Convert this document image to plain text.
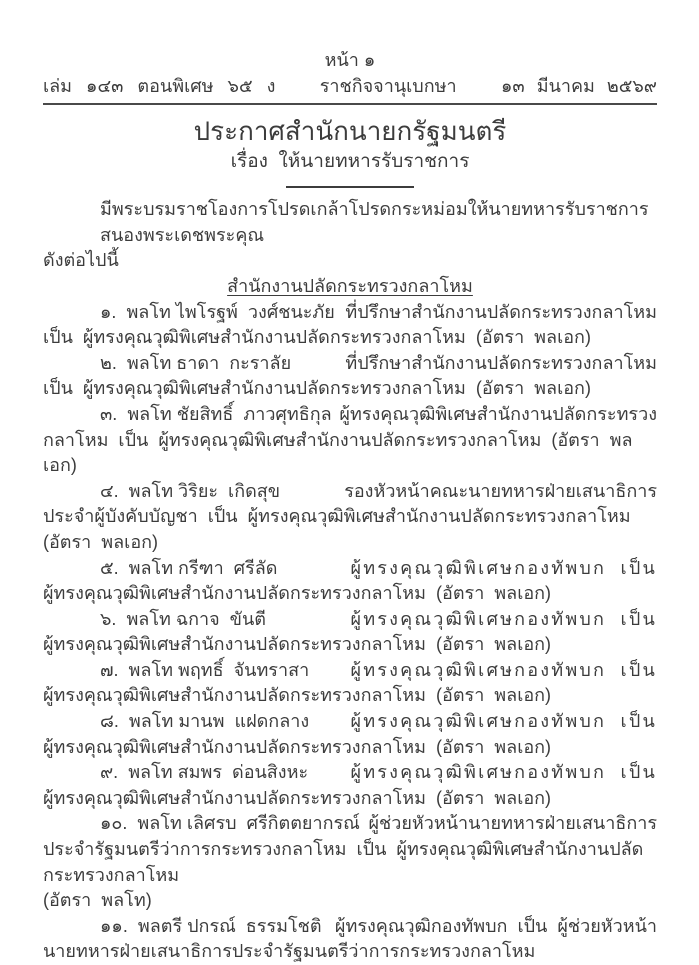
หน้า ๑
เล่ม ๑๔๓ ตอนพิเศษ ๖๕ ง ราชกิจจานุเบกษา ๑๓ มีนาคม ๒๕๖๙
ประกาศสำนักนายกรัฐมนตรี
เรื่อง  ให้นายทหารรับราชการ
มีพระบรมราชโองการโปรดเกล้าโปรดกระหม่อมให้นายทหารรับราชการสนองพระเดชพระคุณ
ดังต่อไปนี้
สำนักงานปลัดกระทรวงกลาโหม
๑. พลโท ไพโรฐพ์  วงศ์ชนะภัย ที่ปรึกษาสำนักงานปลัดกระทรวงกลาโหม
เป็น  ผู้ทรงคุณวุฒิพิเศษสำนักงานปลัดกระทรวงกลาโหม  (อัตรา  พลเอก)
๒. พลโท ธาดา  กะราลัย	ที่ปรึกษาสำนักงานปลัดกระทรวงกลาโหม
เป็น  ผู้ทรงคุณวุฒิพิเศษสำนักงานปลัดกระทรวงกลาโหม  (อัตรา  พลเอก)
๓. พลโท ชัยสิทธิ์  ภาวศุทธิกุล ผู้ทรงคุณวุฒิพิเศษสำนักงานปลัดกระทรวง
กลาโหม  เป็น  ผู้ทรงคุณวุฒิพิเศษสำนักงานปลัดกระทรวงกลาโหม  (อัตรา  พลเอก)
๔. พลโท วิริยะ  เกิดสุข	รองหัวหน้าคณะนายทหารฝ่ายเสนาธิการ
ประจำผู้บังคับบัญชา  เป็น  ผู้ทรงคุณวุฒิพิเศษสำนักงานปลัดกระทรวงกลาโหม  (อัตรา  พลเอก)
๕. พลโท กรีฑา  ศรีลัด	ผู้ทรงคุณวุฒิพิเศษกองทัพบก  เป็น
ผู้ทรงคุณวุฒิพิเศษสำนักงานปลัดกระทรวงกลาโหม  (อัตรา  พลเอก)
๖. พลโท ฉกาจ  ขันตี	ผู้ทรงคุณวุฒิพิเศษกองทัพบก  เป็น
ผู้ทรงคุณวุฒิพิเศษสำนักงานปลัดกระทรวงกลาโหม  (อัตรา  พลเอก)
๗. พลโท พฤทธิ์  จันทราสา ผู้ทรงคุณวุฒิพิเศษกองทัพบก  เป็น
ผู้ทรงคุณวุฒิพิเศษสำนักงานปลัดกระทรวงกลาโหม  (อัตรา  พลเอก)
๘. พลโท มานพ  แฝดกลาง ผู้ทรงคุณวุฒิพิเศษกองทัพบก  เป็น
ผู้ทรงคุณวุฒิพิเศษสำนักงานปลัดกระทรวงกลาโหม  (อัตรา  พลเอก)
๙. พลโท สมพร  ด่อนสิงหะ ผู้ทรงคุณวุฒิพิเศษกองทัพบก  เป็น
ผู้ทรงคุณวุฒิพิเศษสำนักงานปลัดกระทรวงกลาโหม  (อัตรา  พลเอก)
๑๐. พลโท เลิศรบ  ศรีกิตตยากรณ์ ผู้ช่วยหัวหน้านายทหารฝ่ายเสนาธิการ
ประจำรัฐมนตรีว่าการกระทรวงกลาโหม  เป็น  ผู้ทรงคุณวุฒิพิเศษสำนักงานปลัดกระทรวงกลาโหม
(อัตรา  พลโท)
๑๑. พลตรี ปกรณ์  ธรรมโชติ ผู้ทรงคุณวุฒิกองทัพบก  เป็น  ผู้ช่วยหัวหน้า
นายทหารฝ่ายเสนาธิการประจำรัฐมนตรีว่าการกระทรวงกลาโหม
